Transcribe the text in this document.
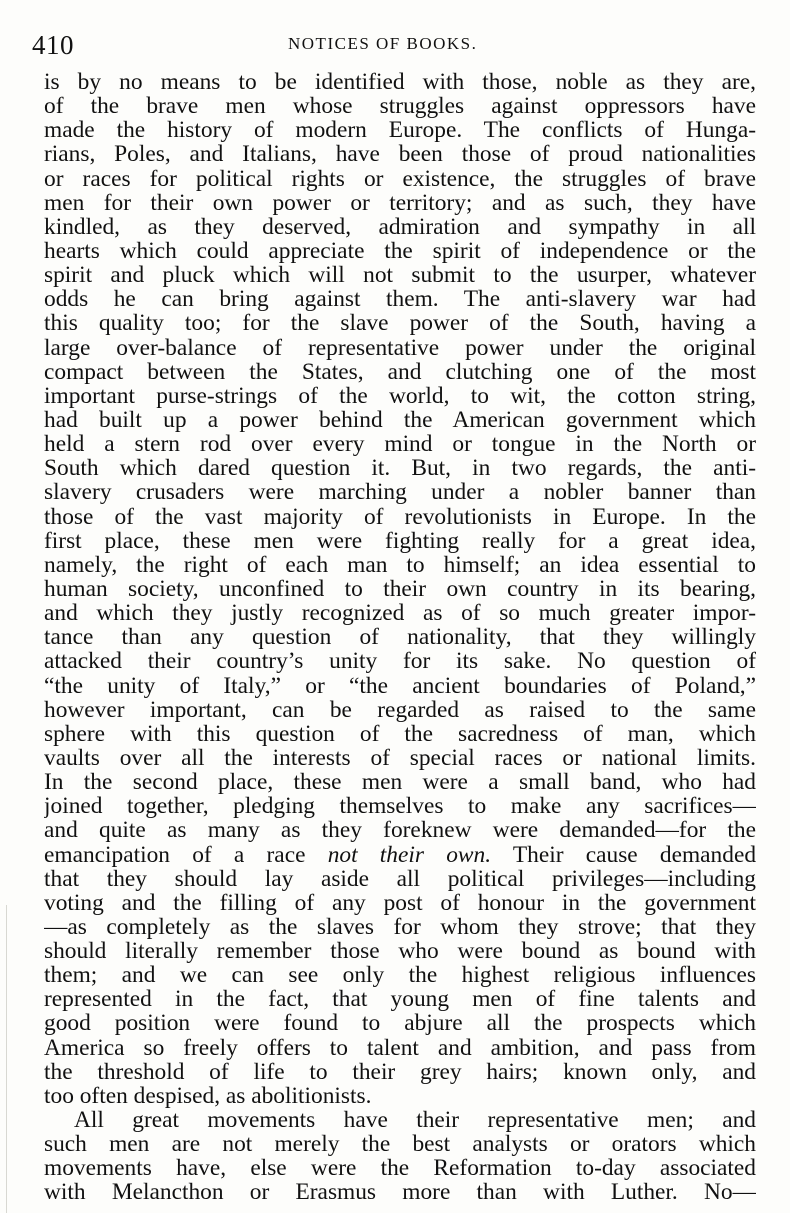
410	NOTICES OF BOOKS.
is by no means to be identified with those, noble as they are,
of the brave men whose struggles against oppressors have
made the history of modern Europe. The conflicts of Hunga-
rians, Poles, and Italians, have been those of proud nationalities
or races for political rights or existence, the struggles of brave
men for their own power or territory; and as such, they have
kindled, as they deserved, admiration and sympathy in all
hearts which could appreciate the spirit of independence or the
spirit and pluck which will not submit to the usurper, whatever
odds he can bring against them. The anti-slavery war had
this quality too; for the slave power of the South, having a
large over-balance of representative power under the original
compact between the States, and clutching one of the most
important purse-strings of the world, to wit, the cotton string,
had built up a power behind the American government which
held a stern rod over every mind or tongue in the North or
South which dared question it. But, in two regards, the anti-
slavery crusaders were marching under a nobler banner than
those of the vast majority of revolutionists in Europe. In the
first place, these men were fighting really for a great idea,
namely, the right of each man to himself; an idea essential to
human society, unconfined to their own country in its bearing,
and which they justly recognized as of so much greater impor-
tance than any question of nationality, that they willingly
attacked their country’s unity for its sake. No question of
“the unity of Italy,” or “the ancient boundaries of Poland,”
however important, can be regarded as raised to the same
sphere with this question of the sacredness of man, which
vaults over all the interests of special races or national limits.
In the second place, these men were a small band, who had
joined together, pledging themselves to make any sacrifices—
and quite as many as they foreknew were demanded—for the
emancipation of a race not their own. Their cause demanded
that they should lay aside all political privileges—including
voting and the filling of any post of honour in the government
—as completely as the slaves for whom they strove; that they
should literally remember those who were bound as bound with
them; and we can see only the highest religious influences
represented in the fact, that young men of fine talents and
good position were found to abjure all the prospects which
America so freely offers to talent and ambition, and pass from
the threshold of life to their grey hairs; known only, and
too often despised, as abolitionists.
All great movements have their representative men; and
such men are not merely the best analysts or orators which
movements have, else were the Reformation to-day associated
with Melancthon or Erasmus more than with Luther. No—
